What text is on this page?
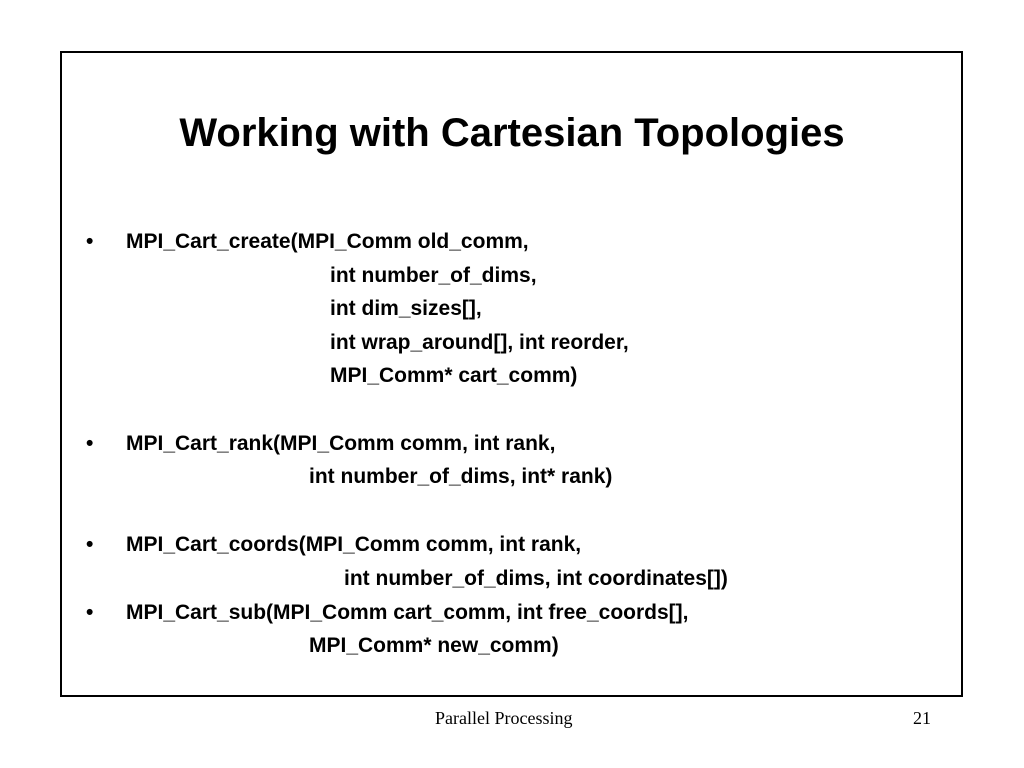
Working with Cartesian Topologies
• MPI_Cart_create(MPI_Comm old_comm,
int number_of_dims,
int dim_sizes[],
int wrap_around[], int reorder,
MPI_Comm* cart_comm)
• MPI_Cart_rank(MPI_Comm comm, int rank,
int number_of_dims, int* rank)
• MPI_Cart_coords(MPI_Comm comm, int rank,
int number_of_dims, int coordinates[])
• MPI_Cart_sub(MPI_Comm cart_comm, int free_coords[],
MPI_Comm* new_comm)
Parallel Processing	21
